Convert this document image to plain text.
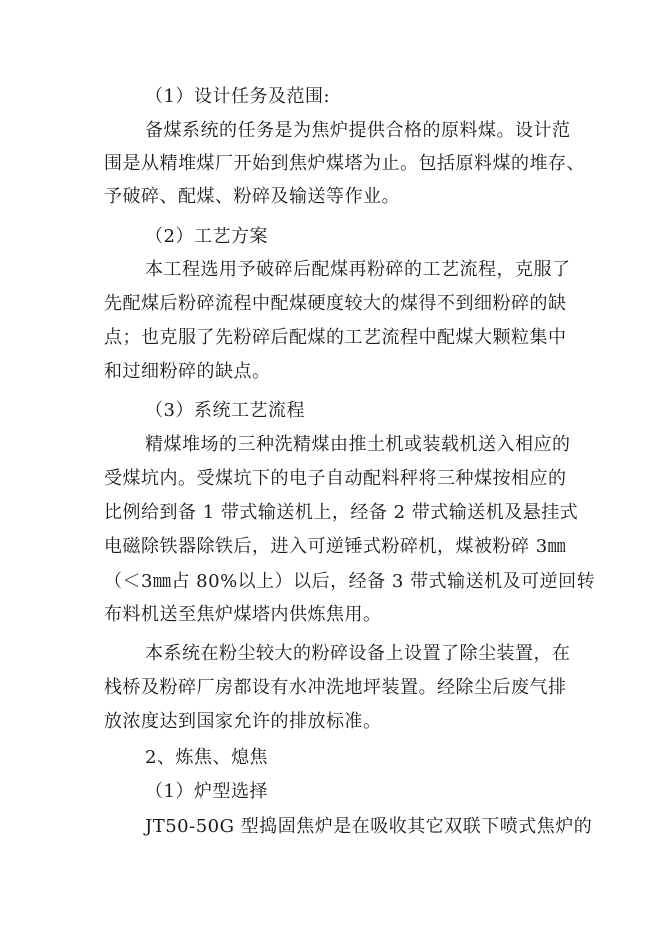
（1）设计任务及范围:
备煤系统的任务是为焦炉提供合格的原料煤。设计范
围是从精堆煤厂开始到焦炉煤塔为止。包括原料煤的堆存、
予破碎、配煤、粉碎及输送等作业。
（2）工艺方案
本工程选用予破碎后配煤再粉碎的工艺流程，克服了
先配煤后粉碎流程中配煤硬度较大的煤得不到细粉碎的缺
点；也克服了先粉碎后配煤的工艺流程中配煤大颗粒集中
和过细粉碎的缺点。
（3）系统工艺流程
精煤堆场的三种洗精煤由推土机或装载机送入相应的
受煤坑内。受煤坑下的电子自动配料秤将三种煤按相应的
比例给到备 1 带式输送机上，经备 2 带式输送机及悬挂式
电磁除铁器除铁后，进入可逆锤式粉碎机，煤被粉碎 3㎜
（＜3㎜占 80%以上）以后，经备 3 带式输送机及可逆回转
布料机送至焦炉煤塔内供炼焦用。
本系统在粉尘较大的粉碎设备上设置了除尘装置，在
栈桥及粉碎厂房都设有水冲洗地坪装置。经除尘后废气排
放浓度达到国家允许的排放标准。
2、炼焦、熄焦
（1）炉型选择
JT50-50G 型捣固焦炉是在吸收其它双联下喷式焦炉的
